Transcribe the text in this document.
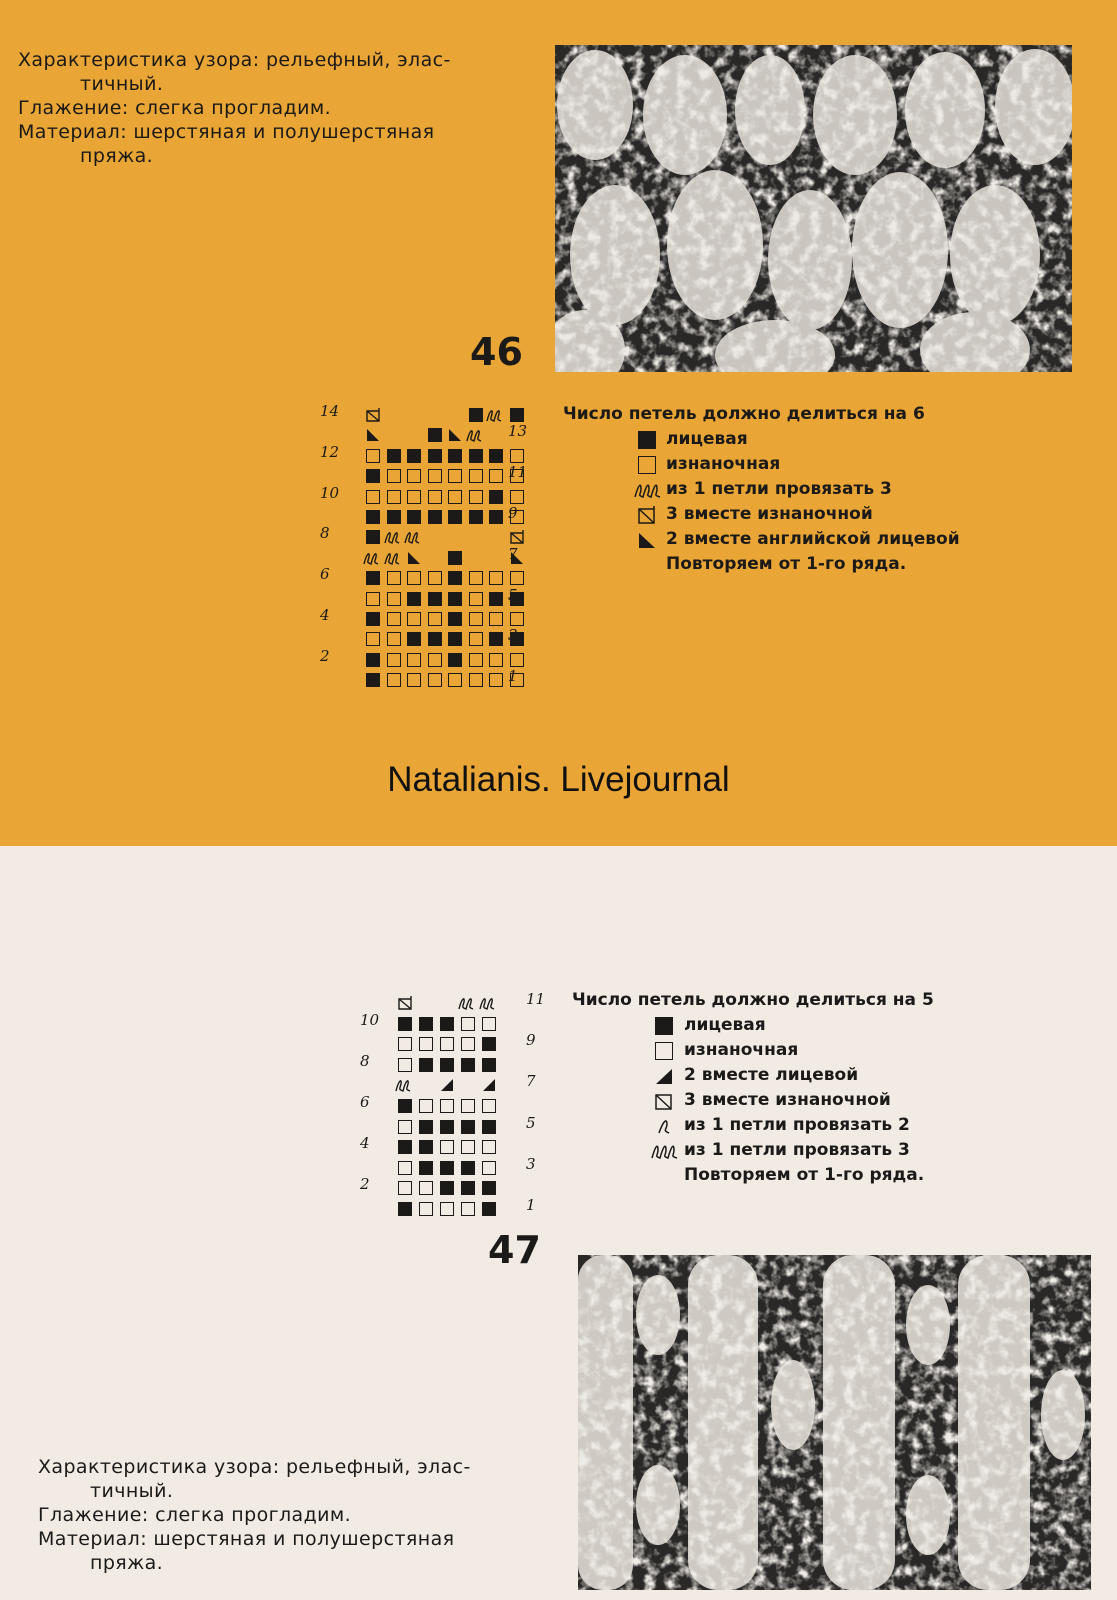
Характеристика узора: рельефный, элас-

тичный.

Глажение: слегка прогладим.

Материал: шерстяная и полушерстяная

пряжа.

46
14
12
10
8
6
4
2
13
11
9
7
5
3
1

Число петель должно делиться на 6

лицевая
изнаночная
из 1 петли провязать 3
3 вместе изнаночной
2 вместе английской лицевой
Повторяем от 1-го ряда.
Natalianis. Livejournal
10
8
6
4
2
11
9
7
5
3
1

Число петель должно делиться на 5

лицевая
изнаночная
2 вместе лицевой
3 вместе изнаночной
из 1 петли провязать 2
из 1 петли провязать 3
Повторяем от 1-го ряда.
47

Характеристика узора: рельефный, элас-

тичный.

Глажение: слегка прогладим.

Материал: шерстяная и полушерстяная

пряжа.
